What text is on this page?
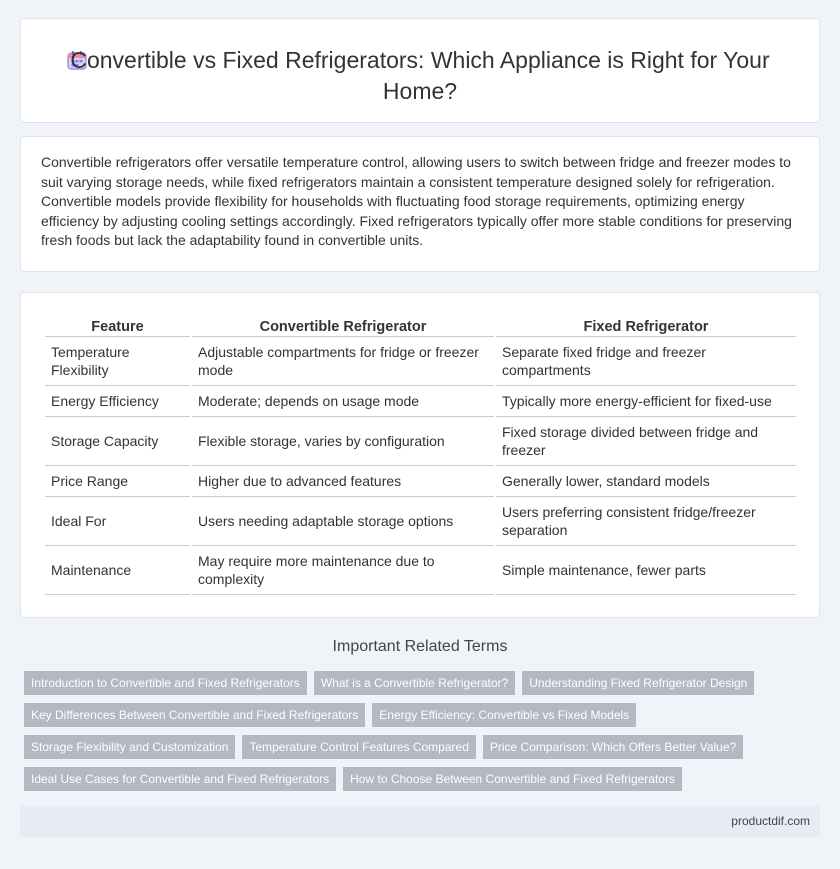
Convertible vs Fixed Refrigerators: Which Appliance is Right for Your Home?

Convertible refrigerators offer versatile temperature control, allowing users to switch between fridge and freezer modes to suit varying storage needs, while fixed refrigerators maintain a consistent temperature designed solely for refrigeration. Convertible models provide flexibility for households with fluctuating food storage requirements, optimizing energy efficiency by adjusting cooling settings accordingly. Fixed refrigerators typically offer more stable conditions for preserving fresh foods but lack the adaptability found in convertible units.

Feature	Convertible Refrigerator	Fixed Refrigerator
Temperature Flexibility	Adjustable compartments for fridge or freezer mode	Separate fixed fridge and freezer compartments
Energy Efficiency	Moderate; depends on usage mode	Typically more energy-efficient for fixed-use
Storage Capacity	Flexible storage, varies by configuration	Fixed storage divided between fridge and freezer
Price Range	Higher due to advanced features	Generally lower, standard models
Ideal For	Users needing adaptable storage options	Users preferring consistent fridge/freezer separation
Maintenance	May require more maintenance due to complexity	Simple maintenance, fewer parts
Important Related Terms
Introduction to Convertible and Fixed Refrigerators	What is a Convertible Refrigerator?	Understanding Fixed Refrigerator Design
Key Differences Between Convertible and Fixed Refrigerators	Energy Efficiency: Convertible vs Fixed Models
Storage Flexibility and Customization	Temperature Control Features Compared	Price Comparison: Which Offers Better Value?
Ideal Use Cases for Convertible and Fixed Refrigerators	How to Choose Between Convertible and Fixed Refrigerators
productdif.com
